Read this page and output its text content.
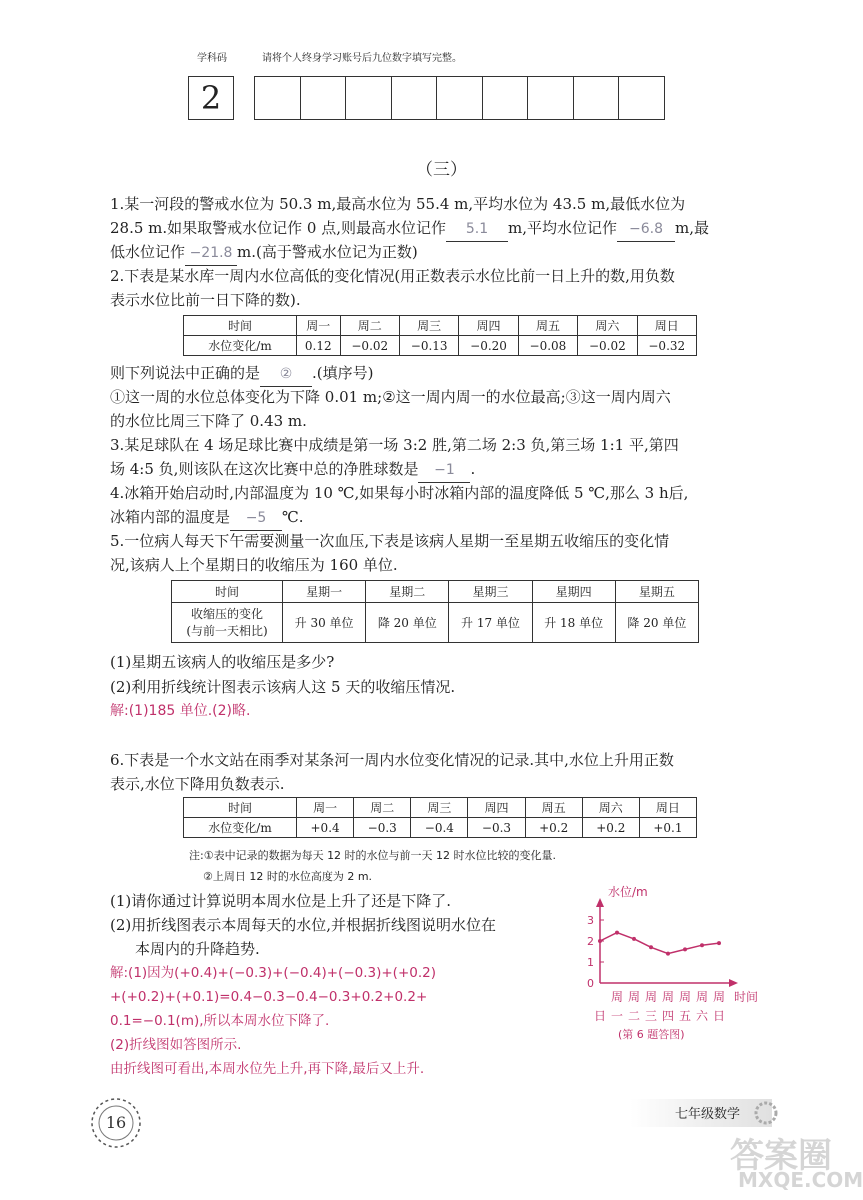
学科码	请将个人终身学习账号后九位数字填写完整。
2
（三）
1.某一河段的警戒水位为 50.3 m,最高水位为 55.4 m,平均水位为 43.5 m,最低水位为
28.5 m.如果取警戒水位记作 0 点,则最高水位记作 5.1 m,平均水位记作 −6.8 m,最
低水位记作 −21.8 m.(高于警戒水位记为正数)
2.下表是某水库一周内水位高低的变化情况(用正数表示水位比前一日上升的数,用负数
表示水位比前一日下降的数).
时间	周一	周二	周三	周四	周五	周六	周日
水位变化/m	0.12	−0.02	−0.13	−0.20	−0.08	−0.02	−0.32
则下列说法中正确的是 ② .(填序号)
①这一周的水位总体变化为下降 0.01 m;②这一周内周一的水位最高;③这一周内周六
的水位比周三下降了 0.43 m.
3.某足球队在 4 场足球比赛中成绩是第一场 3:2 胜,第二场 2:3 负,第三场 1:1 平,第四
场 4:5 负,则该队在这次比赛中总的净胜球数是 −1 .
4.冰箱开始启动时,内部温度为 10 ℃,如果每小时冰箱内部的温度降低 5 ℃,那么 3 h后,
冰箱内部的温度是 −5 ℃.
5.一位病人每天下午需要测量一次血压,下表是该病人星期一至星期五收缩压的变化情
况,该病人上个星期日的收缩压为 160 单位.
时间	星期一	星期二	星期三	星期四	星期五
收缩压的变化
(与前一天相比)	升 30 单位	降 20 单位	升 17 单位	升 18 单位	降 20 单位
(1)星期五该病人的收缩压是多少?
(2)利用折线统计图表示该病人这 5 天的收缩压情况.
解:(1)185 单位.(2)略.
6.下表是一个水文站在雨季对某条河一周内水位变化情况的记录.其中,水位上升用正数
表示,水位下降用负数表示.
时间	周一	周二	周三	周四	周五	周六	周日
水位变化/m	+0.4	−0.3	−0.4	−0.3	+0.2	+0.2	+0.1
注:①表中记录的数据为每天 12 时的水位与前一天 12 时水位比较的变化量.
②上周日 12 时的水位高度为 2 m.
(1)请你通过计算说明本周水位是上升了还是下降了.
(2)用折线图表示本周每天的水位,并根据折线图说明水位在
本周内的升降趋势.
解:(1)因为(+0.4)+(−0.3)+(−0.4)+(−0.3)+(+0.2)
+(+0.2)+(+0.1)=0.4−0.3−0.4−0.3+0.2+0.2+
0.1=−0.1(m),所以本周水位下降了.
(2)折线图如答图所示.
由折线图可看出,本周水位先上升,再下降,最后又上升.
水位/m
时间
0
1
2
3
周 周 周 周 周 周 周
日 一 二 三 四 五 六 日
(第 6 题答图)
16	七年级数学
答案圈
MXQE.COM
